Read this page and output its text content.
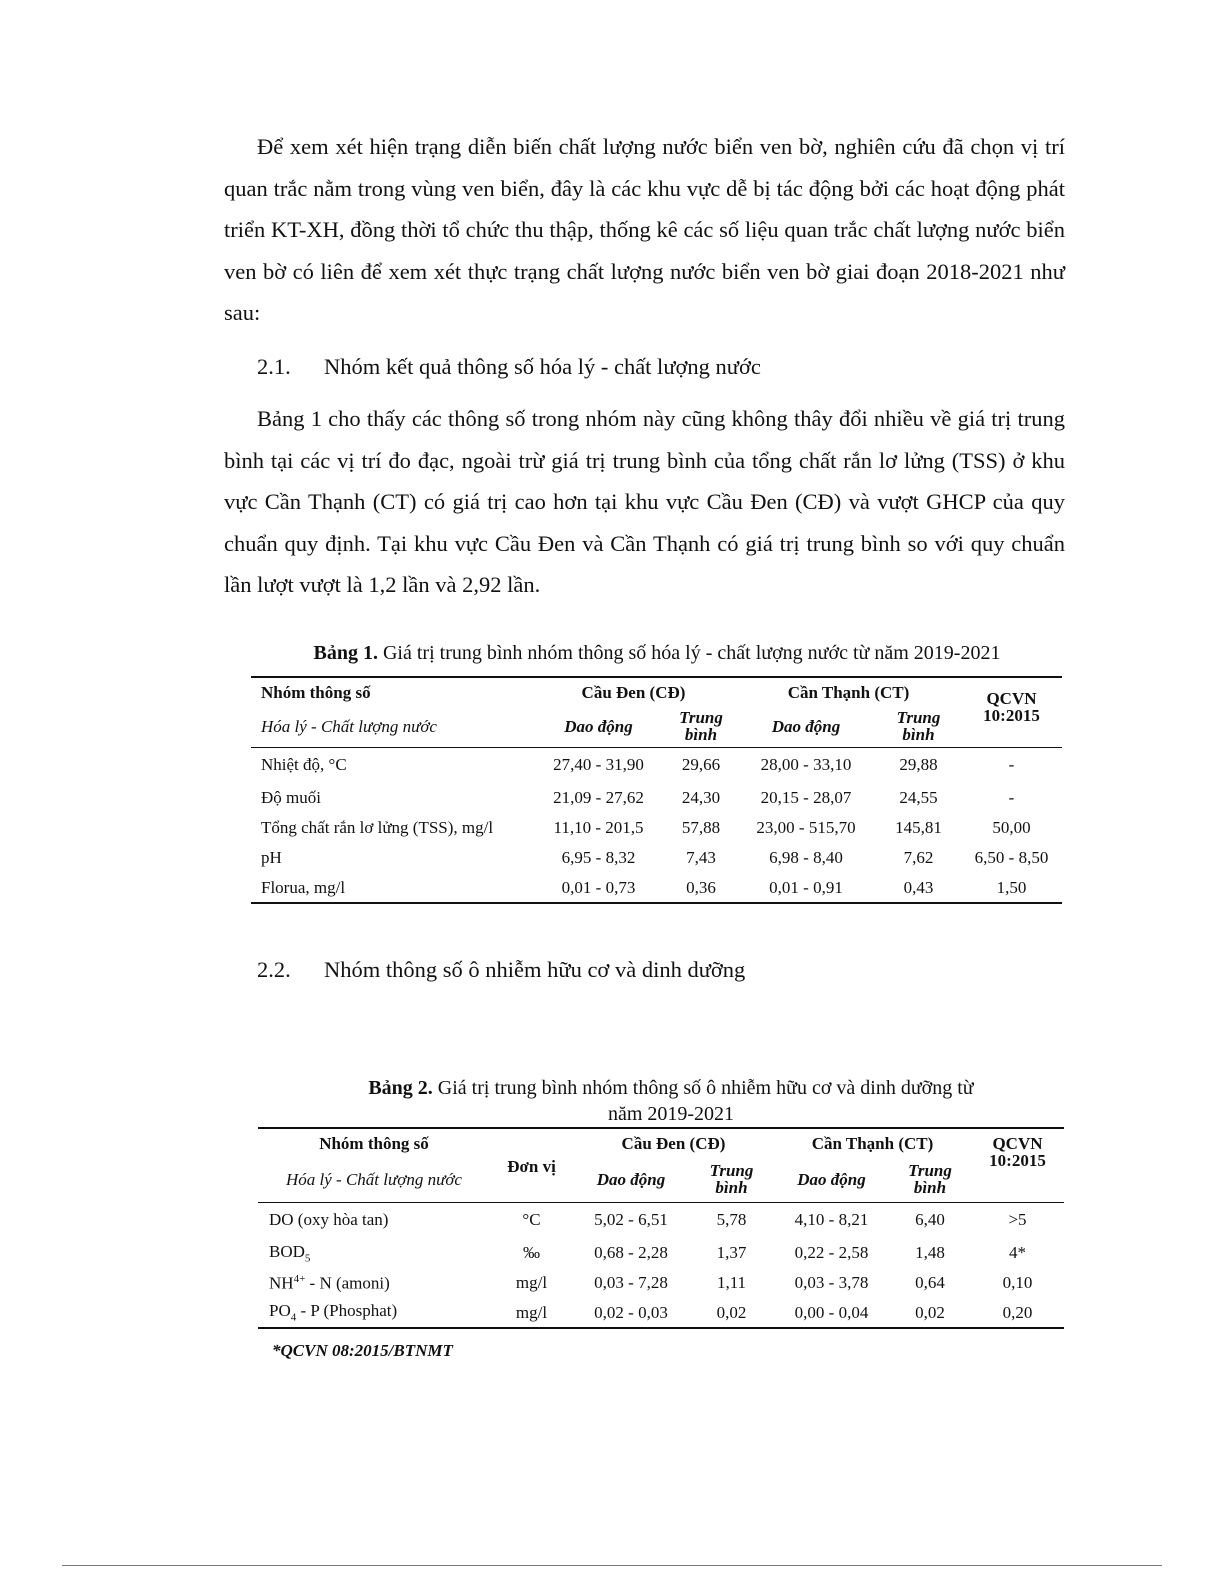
Để xem xét hiện trạng diễn biến chất lượng nước biển ven bờ, nghiên cứu đã chọn vị trí quan trắc nằm trong vùng ven biển, đây là các khu vực dễ bị tác động bởi các hoạt động phát triển KT-XH, đồng thời tổ chức thu thập, thống kê các số liệu quan trắc chất lượng nước biển ven bờ có liên để xem xét thực trạng chất lượng nước biển ven bờ giai đoạn 2018-2021 như sau:

2.1.	Nhóm kết quả thông số hóa lý - chất lượng nước

Bảng 1 cho thấy các thông số trong nhóm này cũng không thây đổi nhiều về giá trị trung bình tại các vị trí đo đạc, ngoài trừ giá trị trung bình của tổng chất rắn lơ lửng (TSS) ở khu vực Cần Thạnh (CT) có giá trị cao hơn tại khu vực Cầu Đen (CĐ) và vượt GHCP của quy chuẩn quy định. Tại khu vực Cầu Đen và Cần Thạnh có giá trị trung bình so với quy chuẩn lần lượt vượt là 1,2 lần và 2,92 lần.

Bảng 1. Giá trị trung bình nhóm thông số hóa lý - chất lượng nước từ năm 2019-2021

Nhóm thông số	Cầu Đen (CĐ)		Cần Thạnh (CT)		QCVN
10:2015
Hóa lý - Chất lượng nước	Dao động	Trung
bình	Dao động	Trung
bình	
Nhiệt độ, °C	27,40 - 31,90	29,66	28,00 - 33,10	29,88	-
Độ muối	21,09 - 27,62	24,30	20,15 - 28,07	24,55	-
Tổng chất rắn lơ lửng (TSS), mg/l	11,10 - 201,5	57,88	23,00 - 515,70	145,81	50,00
pH	6,95 - 8,32	7,43	6,98 - 8,40	7,62	6,50 - 8,50
Florua, mg/l	0,01 - 0,73	0,36	0,01 - 0,91	0,43	1,50

2.2.	Nhóm thông số ô nhiễm hữu cơ và dinh dưỡng

Bảng 2. Giá trị trung bình nhóm thông số ô nhiễm hữu cơ và dinh dưỡng từ
năm 2019-2021

Nhóm thông số	Đơn vị	Cầu Đen (CĐ)		Cần Thạnh (CT)		QCVN
10:2015
Hóa lý - Chất lượng nước		Dao động	Trung
bình	Dao động	Trung
bình	
DO (oxy hòa tan)	°C	5,02 - 6,51	5,78	4,10 - 8,21	6,40	>5
$BOD_5$	‰	0,68 - 2,28	1,37	0,22 - 2,58	1,48	4*
$NH^{4+}$ - N (amoni)	mg/l	0,03 - 7,28	1,11	0,03 - 3,78	0,64	0,10
$PO_4$ - P (Phosphat)	mg/l	0,02 - 0,03	0,02	0,00 - 0,04	0,02	0,20

*QCVN 08:2015/BTNMT
